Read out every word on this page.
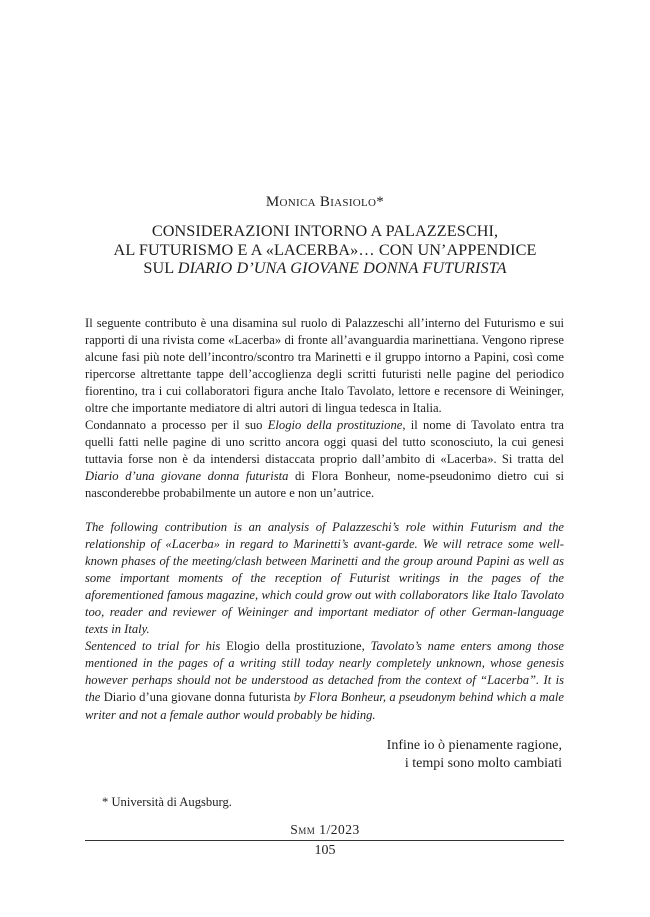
Monica Biasiolo*
CONSIDERAZIONI INTORNO A PALAZZESCHI,
AL FUTURISMO E A «LACERBA»… CON UN’APPENDICE
SUL DIARIO D’UNA GIOVANE DONNA FUTURISTA

Il seguente contributo è una disamina sul ruolo di Palazzeschi all’interno del Futurismo e sui rapporti di una rivista come «Lacerba» di fronte all’avanguardia marinettiana. Vengono riprese alcune fasi più note dell’incontro/scontro tra Marinetti e il gruppo intorno a Papini, così come ripercorse altrettante tappe dell’accoglienza degli scritti futuristi nelle pagine del periodico fiorentino, tra i cui collaboratori figura anche Italo Tavolato, lettore e recensore di Weininger, oltre che importante mediatore di altri autori di lingua tedesca in Italia.

Condannato a processo per il suo Elogio della prostituzione, il nome di Tavolato entra tra quelli fatti nelle pagine di uno scritto ancora oggi quasi del tutto sconosciuto, la cui genesi tuttavia forse non è da intendersi distaccata proprio dall’ambito di «Lacerba». Si tratta del Diario d’una giovane donna futurista di Flora Bonheur, nome-pseudonimo dietro cui si nasconderebbe probabilmente un autore e non un’autrice.

The following contribution is an analysis of Palazzeschi’s role within Futurism and the relationship of «Lacerba» in regard to Marinetti’s avant-garde. We will retrace some well-known phases of the meeting/clash between Marinetti and the group around Papini as well as some important moments of the reception of Futurist writings in the pages of the aforementioned famous magazine, which could grow out with collaborators like Italo Tavolato too, reader and reviewer of Weininger and important mediator of other German-language texts in Italy.

Sentenced to trial for his Elogio della prostituzione, Tavolato’s name enters among those mentioned in the pages of a writing still today nearly completely unknown, whose genesis however perhaps should not be understood as detached from the context of “Lacerba”. It is the Diario d’una giovane donna futurista by Flora Bonheur, a pseudonym behind which a male writer and not a female author would probably be hiding.

Infine io ò pienamente ragione,
i tempi sono molto cambiati
* Università di Augsburg.
Smm 1/2023
105
